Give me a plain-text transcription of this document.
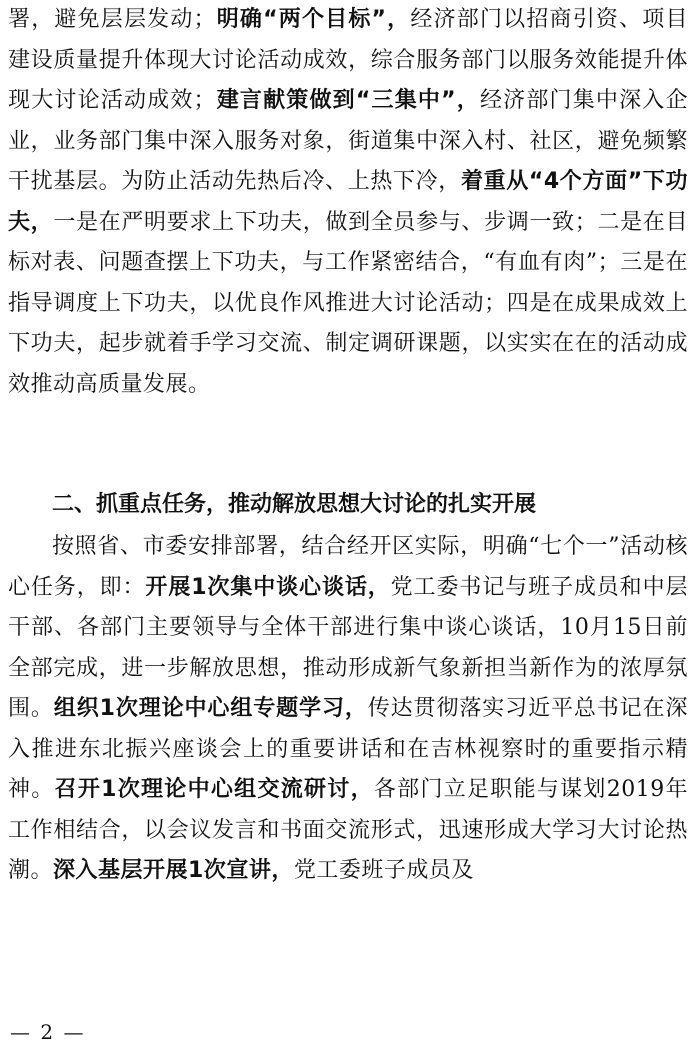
署，避免层层发动；明确“两个目标”，经济部门以招商引资、项目建设质量提升体现大讨论活动成效，综合服务部门以服务效能提升体现大讨论活动成效；建言献策做到“三集中”，经济部门集中深入企业，业务部门集中深入服务对象，街道集中深入村、社区，避免频繁干扰基层。为防止活动先热后冷、上热下冷，着重从“4个方面”下功夫，一是在严明要求上下功夫，做到全员参与、步调一致；二是在目标对表、问题查摆上下功夫，与工作紧密结合，“有血有肉”；三是在指导调度上下功夫，以优良作风推进大讨论活动；四是在成果成效上下功夫，起步就着手学习交流、制定调研课题，以实实在在的活动成效推动高质量发展。
二、抓重点任务，推动解放思想大讨论的扎实开展
按照省、市委安排部署，结合经开区实际，明确“七个一”活动核心任务，即：开展1次集中谈心谈话，党工委书记与班子成员和中层干部、各部门主要领导与全体干部进行集中谈心谈话，10月15日前全部完成，进一步解放思想，推动形成新气象新担当新作为的浓厚氛围。组织1次理论中心组专题学习，传达贯彻落实习近平总书记在深入推进东北振兴座谈会上的重要讲话和在吉林视察时的重要指示精神。召开1次理论中心组交流研讨，各部门立足职能与谋划2019年工作相结合，以会议发言和书面交流形式，迅速形成大学习大讨论热潮。深入基层开展1次宣讲，党工委班子成员及
— 2 —
